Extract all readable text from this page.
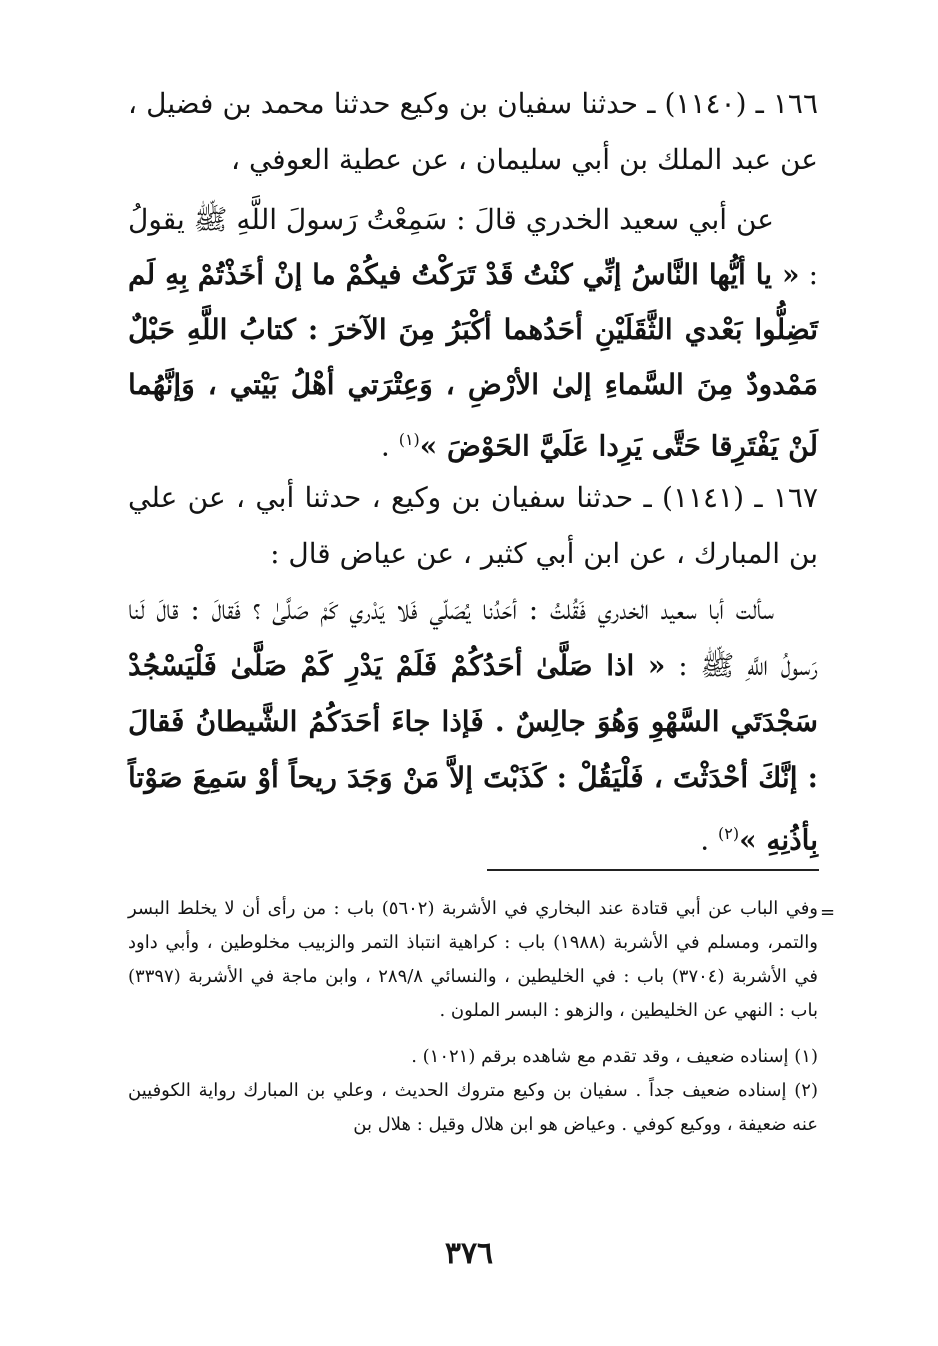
١٦٦ ـ (١١٤٠) ـ حدثنا سفيان بن وكيع حدثنا محمد بن فضيل ، عن عبد الملك بن أبي سليمان ، عن عطية العوفي ،
عن أبي سعيد الخدري قالَ : سَمِعْتُ رَسولَ اللَّهِ ﷺ يقولُ : « يا أيُّها النَّاسُ إنِّي كنْتُ قَدْ تَرَكْتُ فيكُمْ ما إنْ أخَذْتُمْ بِهِ لَم تَضِلُّوا بَعْدي الثَّقَلَيْنِ أحَدُهما أكْبَرُ مِنَ الآخرَ : كتابُ اللَّهِ حَبْلٌ مَمْدودٌ مِنَ السَّماءِ إلىٰ الأرْضِ ، وَعِتْرَتي أهْلُ بَيْتي ، وَإنَّهُما لَنْ يَفْتَرِقا حَتَّى يَرِدا عَلَيَّ الحَوْضَ »$^{(١)}$ .
١٦٧ ـ (١١٤١) ـ حدثنا سفيان بن وكيع ، حدثنا أبي ، عن علي بن المبارك ، عن ابن أبي كثير ، عن عياض قال :
سألت أبا سعيد الخدري فَقُلتُ : أحَدُنا يُصَلّي فَلا يَدْري كَمْ صَلَّىٰ ؟ فَقالَ : قالَ لَنا رَسولُ اللَّهِ ﷺ : « اذا صَلَّىٰ أحَدُكُمْ فَلَمْ يَدْرِ كَمْ صَلَّىٰ فَلْيَسْجُدْ سَجْدَتَي السَّهْوِ وَهُوَ جالِسٌ . فَإذا جاءَ أحَدَكُمُ الشَّيطانُ فَقالَ : إنَّكَ أحْدَثْتَ ، فَلْيَقُلْ : كَذَبْتَ إلاَّ مَنْ وَجَدَ ريحاً أوْ سَمِعَ صَوْتاً بِأذُنِهِ »$^{(٢)}$ .
=

وفي الباب عن أبي قتادة عند البخاري في الأشربة (٥٦٠٢) باب : من رأى أن لا يخلط البسر والتمر، ومسلم في الأشربة (١٩٨٨) باب : كراهية انتباذ التمر والزبيب مخلوطين ، وأبي داود في الأشربة (٣٧٠٤) باب : في الخليطين ، والنسائي ٢٨٩/٨ ، وابن ماجة في الأشربة (٣٣٩٧) باب : النهي عن الخليطين ، والزهو : البسر الملون .

(١) إسناده ضعيف ، وقد تقدم مع شاهده برقم (١٠٢١) .

(٢) إسناده ضعيف جداً . سفيان بن وكيع متروك الحديث ، وعلي بن المبارك رواية الكوفيين عنه ضعيفة ، ووكيع كوفي . وعياض هو ابن هلال وقيل : هلال بن

٣٧٦
